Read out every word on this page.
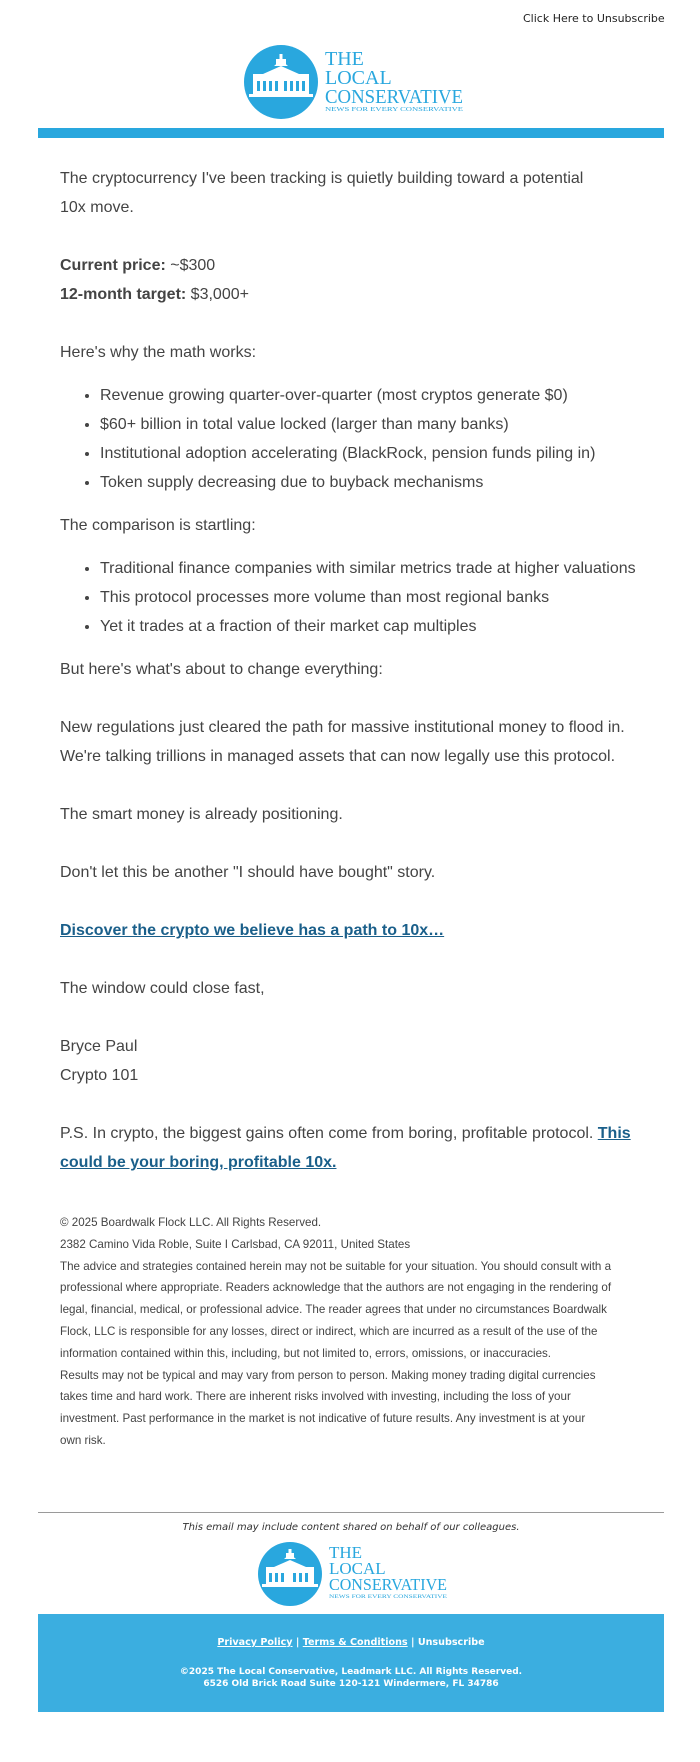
Click Here to Unsubscribe
THE
LOCAL
CONSERVATIVE
NEWS FOR EVERY CONSERVATIVE

The cryptocurrency I've been tracking is quietly building toward a potential

10x move.

Current price: ~$300

12-month target: $3,000+

Here's why the math works:

• Revenue growing quarter-over-quarter (most cryptos generate $0)
• $60+ billion in total value locked (larger than many banks)
• Institutional adoption accelerating (BlackRock, pension funds piling in)
• Token supply decreasing due to buyback mechanisms

The comparison is startling:

• Traditional finance companies with similar metrics trade at higher valuations
• This protocol processes more volume than most regional banks
• Yet it trades at a fraction of their market cap multiples

But here's what's about to change everything:

New regulations just cleared the path for massive institutional money to flood in.

We're talking trillions in managed assets that can now legally use this protocol.

The smart money is already positioning.

Don't let this be another "I should have bought" story.

Discover the crypto we believe has a path to 10x…

The window could close fast,

Bryce Paul

Crypto 101

P.S. In crypto, the biggest gains often come from boring, profitable protocol. This
could be your boring, profitable 10x.

© 2025 Boardwalk Flock LLC. All Rights Reserved.

2382 Camino Vida Roble, Suite I Carlsbad, CA 92011, United States

The advice and strategies contained herein may not be suitable for your situation. You should consult with a

professional where appropriate. Readers acknowledge that the authors are not engaging in the rendering of

legal, financial, medical, or professional advice. The reader agrees that under no circumstances Boardwalk

Flock, LLC is responsible for any losses, direct or indirect, which are incurred as a result of the use of the

information contained within this, including, but not limited to, errors, omissions, or inaccuracies.

Results may not be typical and may vary from person to person. Making money trading digital currencies

takes time and hard work. There are inherent risks involved with investing, including the loss of your

investment. Past performance in the market is not indicative of future results. Any investment is at your

own risk.

This email may include content shared on behalf of our colleagues.
THE
LOCAL
CONSERVATIVE
NEWS FOR EVERY CONSERVATIVE
Privacy Policy | Terms & Conditions | Unsubscribe
©2025 The Local Conservative, Leadmark LLC. All Rights Reserved.
6526 Old Brick Road Suite 120-121 Windermere, FL 34786
